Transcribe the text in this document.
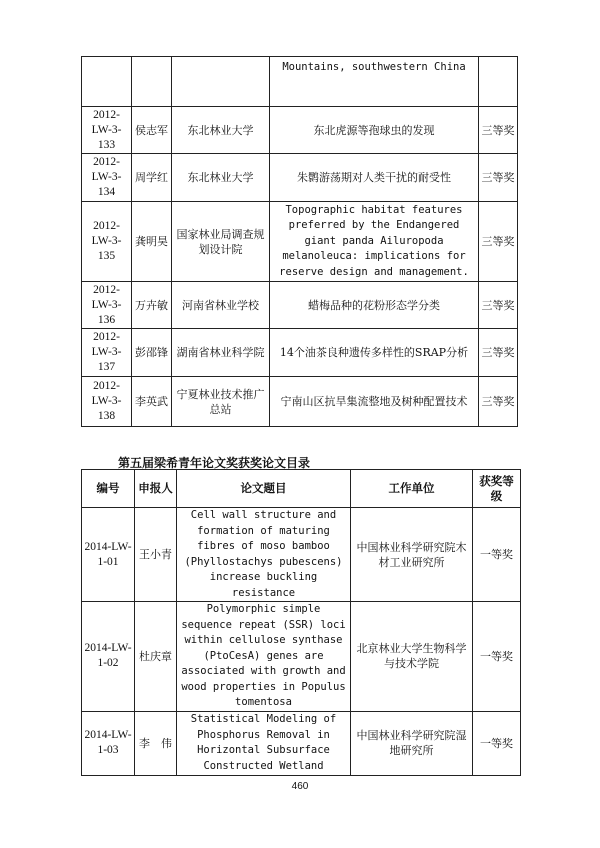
			Mountains, southwestern China	
2012-LW-3-133	侯志军	东北林业大学	东北虎源等孢球虫的发现	三等奖
2012-LW-3-134	周学红	东北林业大学	朱鹮游荡期对人类干扰的耐受性	三等奖
2012-LW-3-135	龚明昊	国家林业局调查规划设计院	Topographic habitat features preferred by the Endangered giant panda Ailuropoda melanoleuca: implications for reserve design and management.	三等奖
2012-LW-3-136	万卉敏	河南省林业学校	蜡梅品种的花粉形态学分类	三等奖
2012-LW-3-137	彭邵锋	湖南省林业科学院	14个油茶良种遗传多样性的SRAP分析	三等奖
2012-LW-3-138	李英武	宁夏林业技术推广总站	宁南山区抗旱集流整地及树种配置技术	三等奖
第五届梁希青年论文奖获奖论文目录
编号	申报人	论文题目	工作单位	获奖等级
2014-LW-1-01	王小青	Cell wall structure and formation of maturing fibres of moso bamboo (Phyllostachys pubescens) increase buckling resistance	中国林业科学研究院木材工业研究所	一等奖
2014-LW-1-02	杜庆章	Polymorphic simple sequence repeat (SSR) loci within cellulose synthase (PtoCesA) genes are associated with growth and wood properties in Populus tomentosa	北京林业大学生物科学与技术学院	一等奖
2014-LW-1-03	李　伟	Statistical Modeling of Phosphorus Removal in Horizontal Subsurface Constructed Wetland	中国林业科学研究院湿地研究所	一等奖
460
